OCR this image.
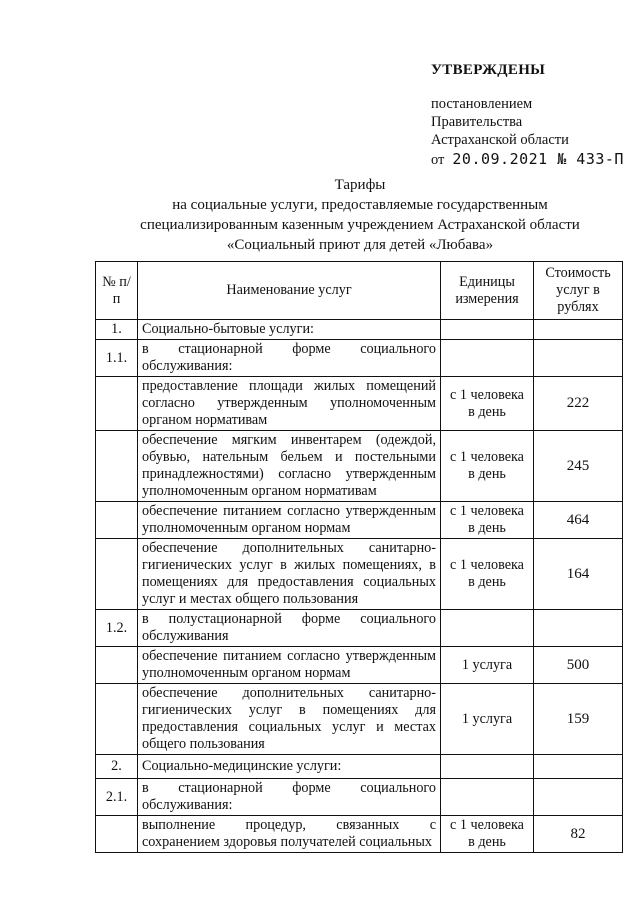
УТВЕРЖДЕНЫ
постановлением
Правительства
Астраханской области
от 20.09.2021 № 433-П
Тарифы
на социальные услуги, предоставляемые государственным
специализированным казенным учреждением Астраханской области
«Социальный приют для детей «Любава»
№ п/п	Наименование услуг	Единицы измерения	Стоимость услуг в рублях
1.	Социально-бытовые услуги:		
1.1.	в стационарной форме социального обслуживания:		
	предоставление площади жилых помещений согласно утвержденным уполномоченным органом нормативам	с 1 человека в день	222
	обеспечение мягким инвентарем (одеждой, обувью, нательным бельем и постельными принадлежностями) согласно утвержденным уполномоченным органом нормативам	с 1 человека в день	245
	обеспечение питанием согласно утвержденным уполномоченным органом нормам	с 1 человека в день	464
	обеспечение дополнительных санитарно-гигиенических услуг в жилых помещениях, в помещениях для предоставления социальных услуг и местах общего пользования	с 1 человека в день	164
1.2.	в полустационарной форме социального обслуживания		
	обеспечение питанием согласно утвержденным уполномоченным органом нормам	1 услуга	500
	обеспечение дополнительных санитарно-гигиенических услуг в помещениях для предоставления социальных услуг и местах общего пользования	1 услуга	159
2.	Социально-медицинские услуги:		
2.1.	в стационарной форме социального обслуживания:		
	выполнение процедур, связанных с сохранением здоровья получателей социальных	с 1 человека в день	82
